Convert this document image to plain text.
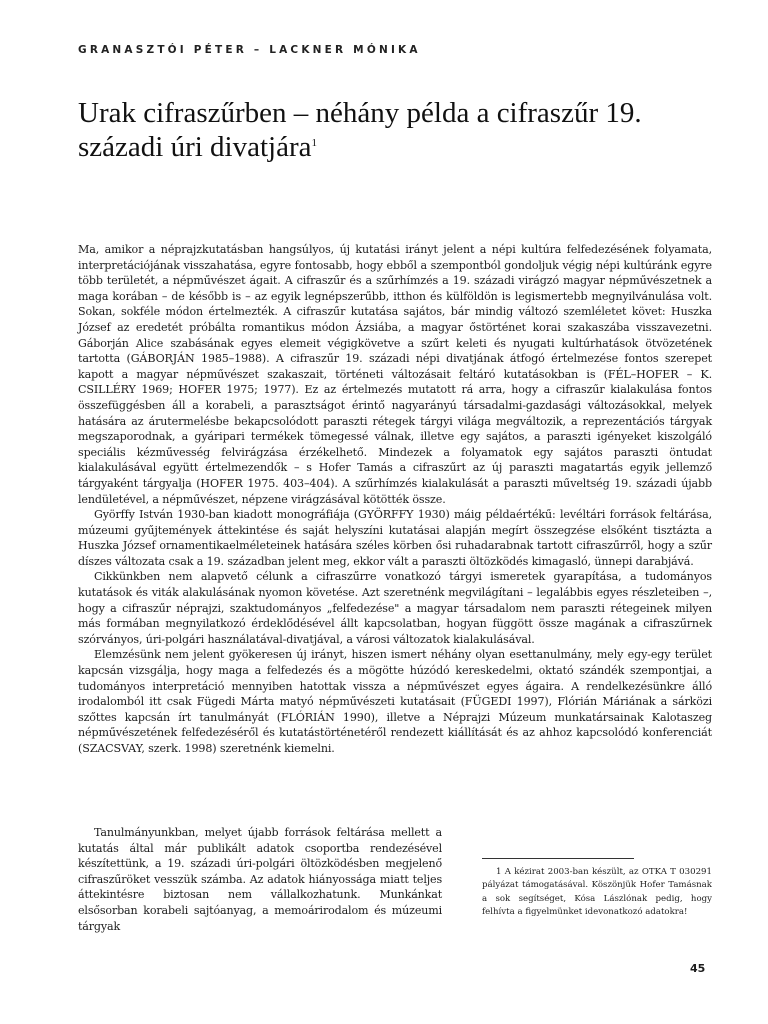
GRANASZTÓI PÉTER – LACKNER MÓNIKA
Urak cifraszűrben – néhány példa a cifraszűr 19. századi úri divatjára$^1$

Ma, amikor a néprajzkutatásban hangsúlyos, új kutatási irányt jelent a népi kultúra felfedezésének folyamata, interpretációjának visszahatása, egyre fontosabb, hogy ebből a szempontból gondoljuk végig népi kultúránk egyre több területét, a népművészet ágait. A cifraszűr és a szűrhímzés a 19. századi virágzó magyar népművészetnek a maga korában – de később is – az egyik legnépszerűbb, itthon és külföldön is legismertebb megnyilvánulása volt. Sokan, sokféle módon értelmezték. A cifraszűr kutatása sajátos, bár mindig változó szemléletet követ: Huszka József az eredetét próbálta romantikus módon Ázsiába, a magyar őstörténet korai szakaszába visszavezetni. Gáborján Alice szabásának egyes elemeit végigkövetve a szűrt keleti és nyugati kultúrhatások ötvözetének tartotta (GÁBORJÁN 1985–1988). A cifraszűr 19. századi népi divatjának átfogó értelmezése fontos szerepet kapott a magyar népművészet szakaszait, történeti változásait feltáró kutatásokban is (FÉL–HOFER – K. CSILLÉRY 1969; HOFER 1975; 1977). Ez az értelmezés mutatott rá arra, hogy a cifraszűr kialakulása fontos összefüggésben áll a korabeli, a parasztságot érintő nagyarányú társadalmi-gazdasági változásokkal, melyek hatására az árutermelésbe bekapcsolódott paraszti rétegek tárgyi világa megváltozik, a reprezentációs tárgyak megszaporodnak, a gyáripari termékek tömegessé válnak, illetve egy sajátos, a paraszti igényeket kiszolgáló speciális kézművesség felvirágzása érzékelhető. Mindezek a folyamatok egy sajátos paraszti öntudat kialakulásával együtt értelmezendők – s Hofer Tamás a cifraszűrt az új paraszti magatartás egyik jellemző tárgyaként tárgyalja (HOFER 1975. 403–404). A szűrhímzés kialakulását a paraszti műveltség 19. századi újabb lendületével, a népművészet, népzene virágzásával kötötték össze.

Györffy István 1930-ban kiadott monográfiája (GYÖRFFY 1930) máig példaértékű: levéltári források feltárása, múzeumi gyűjtemények áttekintése és saját helyszíni kutatásai alapján megírt összegzése elsőként tisztázta a Huszka József ornamentikaelméleteinek hatására széles körben ősi ruhadarabnak tartott cifraszűrről, hogy a szűr díszes változata csak a 19. században jelent meg, ekkor vált a paraszti öltözködés kimagasló, ünnepi darabjává.

Cikkünkben nem alapvető célunk a cifraszűrre vonatkozó tárgyi ismeretek gyarapítása, a tudományos kutatások és viták alakulásának nyomon követése. Azt szeretnénk megvilágítani – legalábbis egyes részleteiben –, hogy a cifraszűr néprajzi, szaktudományos „felfedezése" a magyar társadalom nem paraszti rétegeinek milyen más formában megnyilatkozó érdeklődésével állt kapcsolatban, hogyan függött össze magának a cifraszűrnek szórványos, úri-polgári használatával-divatjával, a városi változatok kialakulásával.

Elemzésünk nem jelent gyökeresen új irányt, hiszen ismert néhány olyan esettanulmány, mely egy-egy terület kapcsán vizsgálja, hogy maga a felfedezés és a mögötte húzódó kereskedelmi, oktató szándék szempontjai, a tudományos interpretáció mennyiben hatottak vissza a népművészet egyes ágaira. A rendelkezésünkre álló irodalomból itt csak Fügedi Márta matyó népművészeti kutatásait (FÜGEDI 1997), Flórián Máriának a sárközi szőttes kapcsán írt tanulmányát (FLÓRIÁN 1990), illetve a Néprajzi Múzeum munkatársainak Kalotaszeg népművészetének felfedezéséről és kutatástörténetéről rendezett kiállítását és az ahhoz kapcsolódó konferenciát (SZACSVAY, szerk. 1998) szeretnénk kiemelni.

Tanulmányunkban, melyet újabb források feltárása mellett a kutatás által már publikált adatok csoportba rendezésével készítettünk, a 19. századi úri-polgári öltözködésben megjelenő cifraszűröket vesszük számba. Az adatok hiányossága miatt teljes áttekintésre biztosan nem vállalkozhatunk. Munkánkat elsősorban korabeli sajtóanyag, a memoárirodalom és múzeumi tárgyak

1 A kézirat 2003-ban készült, az OTKA T 030291 pályázat támogatásával. Köszönjük Hofer Tamásnak a sok segítséget, Kósa Lászlónak pedig, hogy felhívta a figyelmünket idevonatkozó adatokra!

45
